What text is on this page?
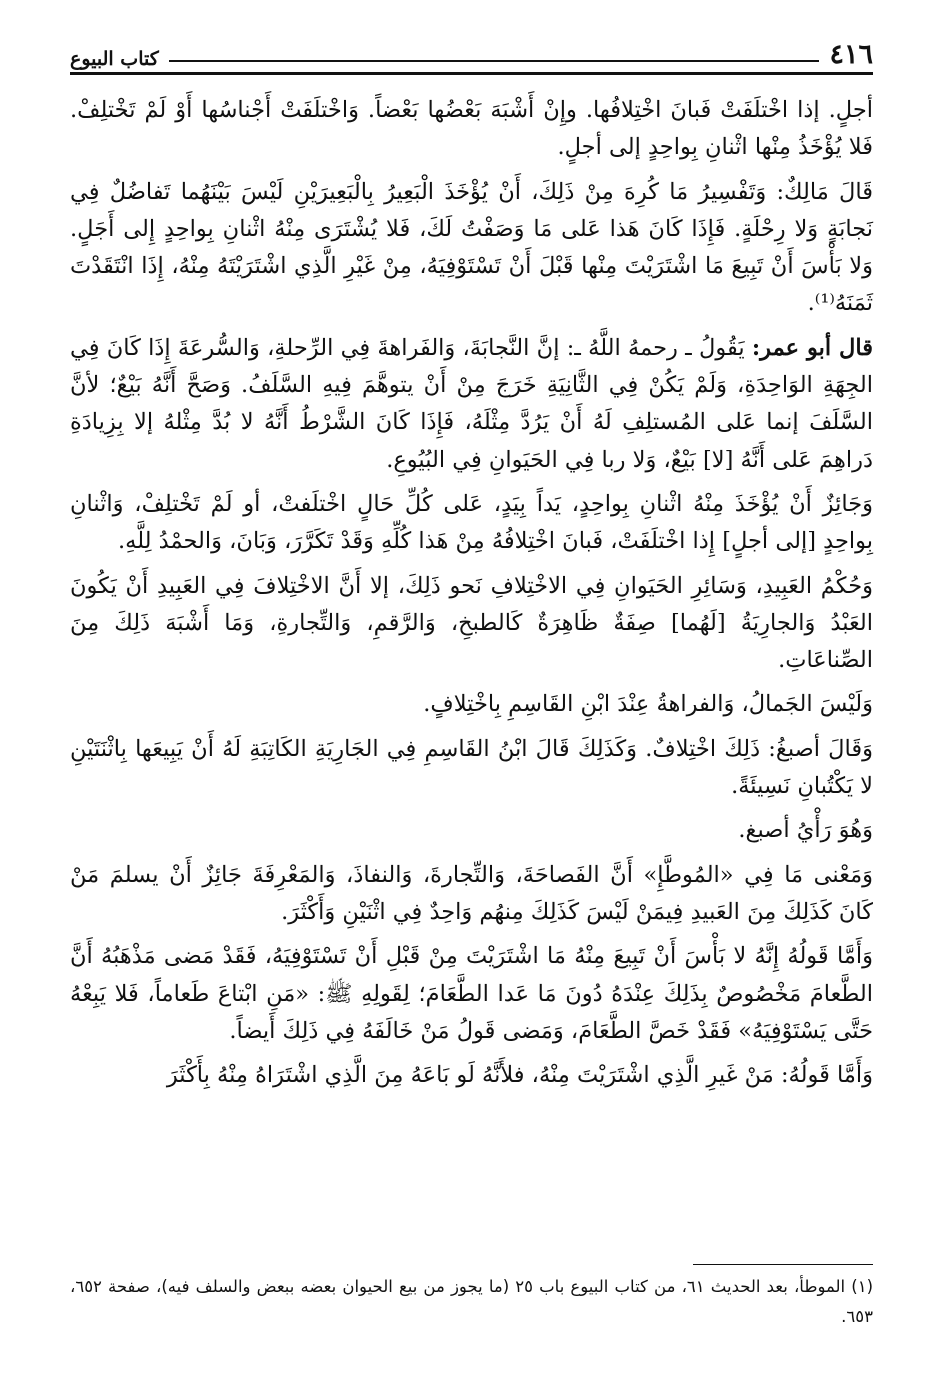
٤١٦
كتاب البيوع

أجلٍ. إذا اخْتلَفَتْ فَبانَ اخْتِلافُها. وإِنْ أَشْبَهَ بَعْضُها بَعْضاً. وَاخْتلَفَتْ أَجْناسُها أَوْ لَمْ تَخْتلِفْ. فَلا يُؤْخَذُ مِنْها اثْنانِ بِواحِدٍ إلى أجلٍ.

قَالَ مَالِكٌ: وَتَفْسِيرُ مَا كُرِهَ مِنْ ذَلِكَ، أَنْ يُؤْخَذَ الْبَعِيرُ بِالْبَعِيرَيْنِ لَيْسَ بَيْنَهُما تَفاضُلٌ فِي نَجابَةٍ وَلا رِحْلَةٍ. فَإِذَا كَانَ هَذا عَلى مَا وَصَفْتُ لَكَ، فَلا يُشْتَرَى مِنْهُ اثْنانِ بِواحِدٍ إِلى أَجَلٍ. وَلا بَأْسَ أَنْ تَبِيعَ مَا اشْتَرَيْتَ مِنْها قَبْلَ أَنْ تَسْتَوْفِيَهُ، مِنْ غَيْرِ الَّذِي اشْتَرَيْتَهُ مِنْهُ، إِذَا انْتَقَدْتَ ثَمَنَهُ⁽¹⁾.

قال أبو عمر: يَقُولُ ـ رحمهُ اللَّهُ ـ: إنَّ النَّجابَةَ، وَالفَراهةَ فِي الرِّحلةِ، وَالسُّرعَةَ إِذَا كَانَ فِي الجِهَةِ الوَاحِدَةِ، وَلَمْ يَكُنْ فِي الثَّانِيَةِ خَرَجَ مِنْ أَنْ يتوهَّمَ فِيهِ السَّلَفُ. وَصَحَّ أَنَّهُ بَيْعٌ؛ لأنَّ السَّلَفَ إنما عَلى المُستلِفِ لَهُ أَنْ يَرُدَّ مِثْلَهُ، فَإِذَا كَانَ الشَّرْطُ أَنَّهُ لا بُدَّ مِثْلهُ إلا بِزِيادَةِ دَراهِمَ عَلى أَنَّهُ [لا] بَيْعٌ، وَلا ربا فِي الحَيَوانِ فِي البُيُوعِ.

وَجَائِزٌ أَنْ يُؤْخَذَ مِنْهُ اثْنانِ بِواحِدٍ، يَداً بِيَدٍ، عَلى كُلِّ حَالٍ اخْتلَفتْ، أو لَمْ تَخْتلِفْ، وَاثْنانِ بِواحِدٍ [إلى أجلٍ] إِذا اخْتلَفَتْ، فَبانَ اخْتِلافُهُ مِنْ هَذا كُلِّهِ وَقَدْ تَكَرَّرَ، وَبَانَ، وَالحمْدُ لِلَّهِ.

وَحُكْمُ العَبِيدِ، وَسَائِرِ الحَيَوانِ فِي الاخْتِلافِ نَحو ذَلِكَ، إلا أَنَّ الاخْتِلافَ فِي العَبِيدِ أَنْ يَكُونَ العَبْدُ وَالجارِيَةُ [لَهُما] صِفَةٌ ظَاهِرَةٌ كَالطبخِ، وَالرَّقمِ، وَالتِّجارةِ، وَمَا أَشْبَهَ ذَلِكَ مِنَ الصِّناعَاتِ.

وَلَيْسَ الجَمالُ، وَالفراهةُ عِنْدَ ابْنِ القَاسِمِ بِاخْتِلافٍ.

وَقَالَ أصبغُ: ذَلِكَ اخْتِلافٌ. وَكَذَلِكَ قَالَ ابْنُ القَاسِمِ فِي الجَارِيَةِ الكَاتِبَةِ لَهُ أَنْ يَبِيعَها بِاثْنَتَيْنِ لا يَكْتُبانِ نَسِيئَةً.

وَهُوَ رَأْيُ أصبغ.

وَمَعْنى مَا فِي «المُوطَّإِ» أَنَّ الفَصاحَةَ، وَالتِّجارةَ، وَالنفاذَ، وَالمَعْرِفَةَ جَائِزٌ أَنْ يسلمَ مَنْ كَانَ كَذَلِكَ مِنَ العَبيدِ فِيمَنْ لَيْسَ كَذَلِكَ مِنهُم وَاحِدٌ فِي اثْنَيْنِ وَأَكْثَرَ.

وَأَمَّا قَولُهُ إِنَّهُ لا بَأْسَ أَنْ تَبِيعَ مِنْهُ مَا اشْتَرَيْتَ مِنْ قَبْلِ أَنْ تَسْتَوْفِيَهُ، فَقَدْ مَضى مَذْهَبُهُ أَنَّ الطَّعامَ مَخْصُوصٌ بِذَلِكَ عِنْدَهُ دُونَ مَا عَدا الطَّعَامَ؛ لِقَولِهِ ﷺ: «مَنِ ابْتاعَ طَعاماً، فَلا يَبِعْهُ حَتَّى يَسْتَوْفِيَهُ» فَقَدْ خَصَّ الطَّعَامَ، وَمَضى قَولُ مَنْ خَالَفَهُ فِي ذَلِكَ أَيضاً.

وَأَمَّا قَولُهُ: مَنْ غَيرِ الَّذِي اشْتَرَيْتَ مِنْهُ، فلأَنَّهُ لَو بَاعَهُ مِنَ الَّذِي اشْتَرَاهُ مِنْهُ بِأَكْثَرَ

(١) الموطأ، بعد الحديث ٦١، من كتاب البيوع باب ٢٥ (ما يجوز من بيع الحيوان بعضه ببعض والسلف فيه)، صفحة ٦٥٢، ٦٥٣.
